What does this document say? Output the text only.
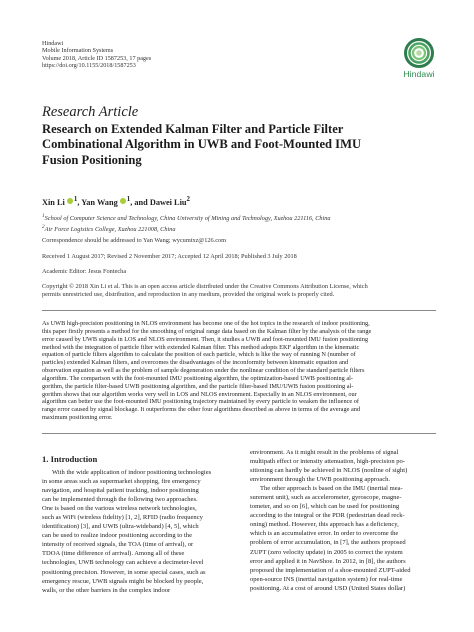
Hindawi
Mobile Information Systems
Volume 2018, Article ID 1587253, 17 pages
https://doi.org/10.1155/2018/1587253
Hindawi
Research Article
Research on Extended Kalman Filter and Particle Filter
Combinational Algorithm in UWB and Foot-Mounted IMU
Fusion Positioning
Xin Li $^1$, Yan Wang $^1$, and Dawei Liu$^2$
$^1$School of Computer Science and Technology, China University of Mining and Technology, Xuzhou 221116, China
$^2$Air Force Logistics College, Xuzhou 221008, China
Correspondence should be addressed to Yan Wang; wycumtxz@126.com
Received 1 August 2017; Revised 2 November 2017; Accepted 12 April 2018; Published 3 July 2018
Academic Editor: Jesus Fontecha
Copyright © 2018 Xin Li et al. This is an open access article distributed under the Creative Commons Attribution License, which
permits unrestricted use, distribution, and reproduction in any medium, provided the original work is properly cited.
As UWB high-precision positioning in NLOS environment has become one of the hot topics in the research of indoor positioning,
this paper firstly presents a method for the smoothing of original range data based on the Kalman filter by the analysis of the range
error caused by UWB signals in LOS and NLOS environment. Then, it studies a UWB and foot-mounted IMU fusion positioning
method with the integration of particle filter with extended Kalman filter. This method adopts EKF algorithm in the kinematic
equation of particle filters algorithm to calculate the position of each particle, which is like the way of running N (number of
particles) extended Kalman filters, and overcomes the disadvantages of the inconformity between kinematic equation and
observation equation as well as the problem of sample degeneration under the nonlinear condition of the standard particle filters
algorithm. The comparison with the foot-mounted IMU positioning algorithm, the optimization-based UWB positioning al-
gorithm, the particle filter-based UWB positioning algorithm, and the particle filter-based IMU/UWB fusion positioning al-
gorithm shows that our algorithm works very well in LOS and NLOS environment. Especially in an NLOS environment, our
algorithm can better use the foot-mounted IMU positioning trajectory maintained by every particle to weaken the influence of
range error caused by signal blockage. It outperforms the other four algorithms described as above in terms of the average and
maximum positioning error.
1. Introduction
With the wide application of indoor positioning technologies
in some areas such as supermarket shopping, fire emergency
navigation, and hospital patient tracking, indoor positioning
can be implemented through the following two approaches.
One is based on the various wireless network technologies,
such as WiFi (wireless fidelity) [1, 2], RFID (radio frequency
identification) [3], and UWB (ultra-wideband) [4, 5], which
can be used to realize indoor positioning according to the
intensity of received signals, the TOA (time of arrival), or
TDOA (time difference of arrival). Among all of these
technologies, UWB technology can achieve a decimeter-level
positioning precision. However, in some special cases, such as
emergency rescue, UWB signals might be blocked by people,
walls, or the other barriers in the complex indoor
environment. As it might result in the problems of signal
multipath effect or intensity attenuation, high-precision po-
sitioning can hardly be achieved in NLOS (nonline of sight)
environment through the UWB positioning approach.
The other approach is based on the IMU (inertial mea-
surement unit), such as accelerometer, gyroscope, magne-
tometer, and so on [6], which can be used for positioning
according to the integral or the PDR (pedestrian dead reck-
oning) method. However, this approach has a deficiency,
which is an accumulative error. In order to overcome the
problem of error accumulation, in [7], the authors proposed
ZUPT (zero velocity update) in 2005 to correct the system
error and applied it in NavShoe. In 2012, in [8], the authors
proposed the implementation of a shoe-mounted ZUPT-aided
open-source INS (inertial navigation system) for real-time
positioning. At a cost of around USD (United States dollar)
